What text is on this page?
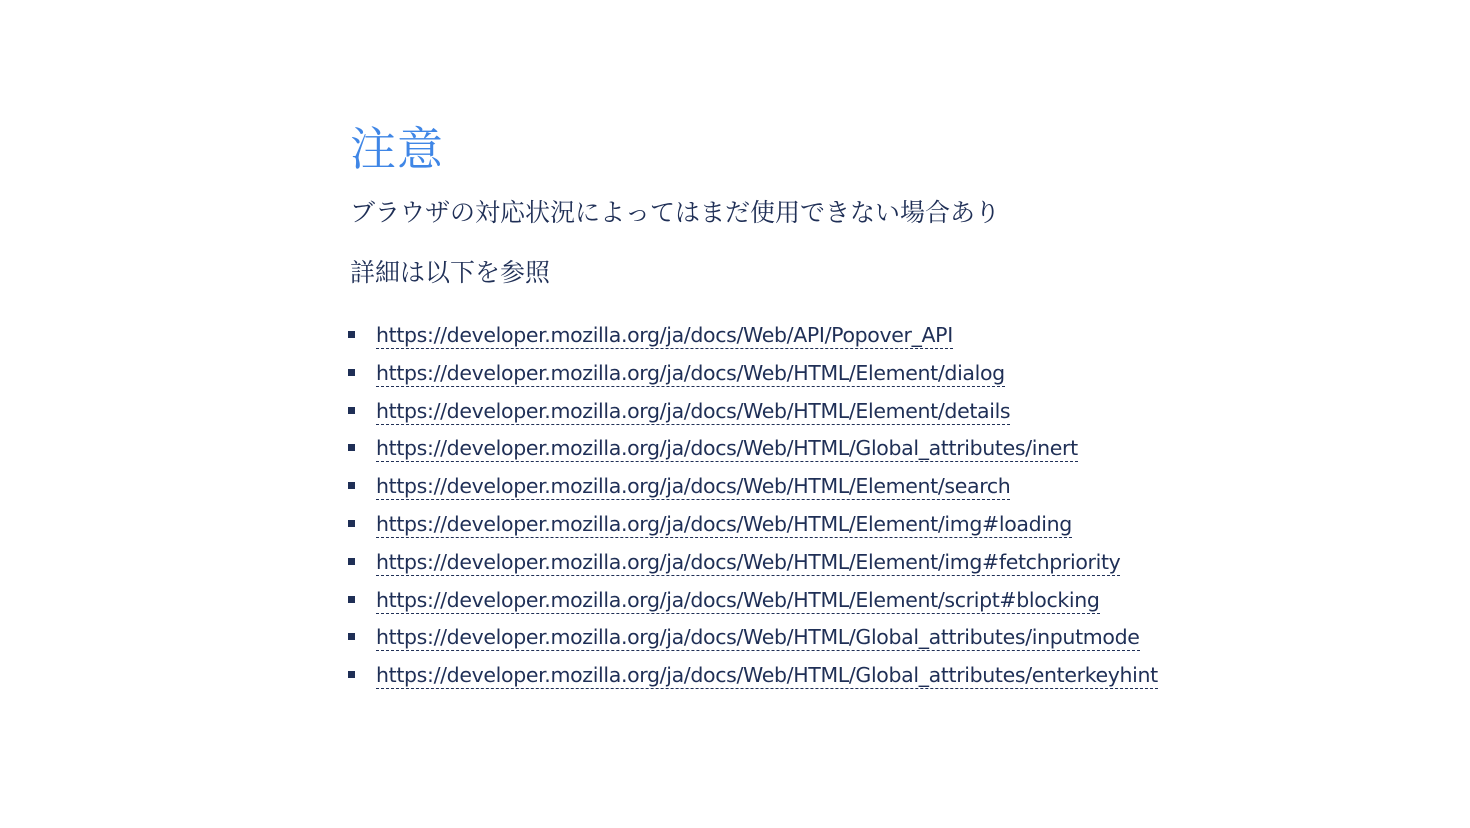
注意

ブラウザの対応状況によってはまだ使用できない場合あり

詳細は以下を参照

https://developer.mozilla.org/ja/docs/Web/API/Popover_API
https://developer.mozilla.org/ja/docs/Web/HTML/Element/dialog
https://developer.mozilla.org/ja/docs/Web/HTML/Element/details
https://developer.mozilla.org/ja/docs/Web/HTML/Global_attributes/inert
https://developer.mozilla.org/ja/docs/Web/HTML/Element/search
https://developer.mozilla.org/ja/docs/Web/HTML/Element/img#loading
https://developer.mozilla.org/ja/docs/Web/HTML/Element/img#fetchpriority
https://developer.mozilla.org/ja/docs/Web/HTML/Element/script#blocking
https://developer.mozilla.org/ja/docs/Web/HTML/Global_attributes/inputmode
https://developer.mozilla.org/ja/docs/Web/HTML/Global_attributes/enterkeyhint
